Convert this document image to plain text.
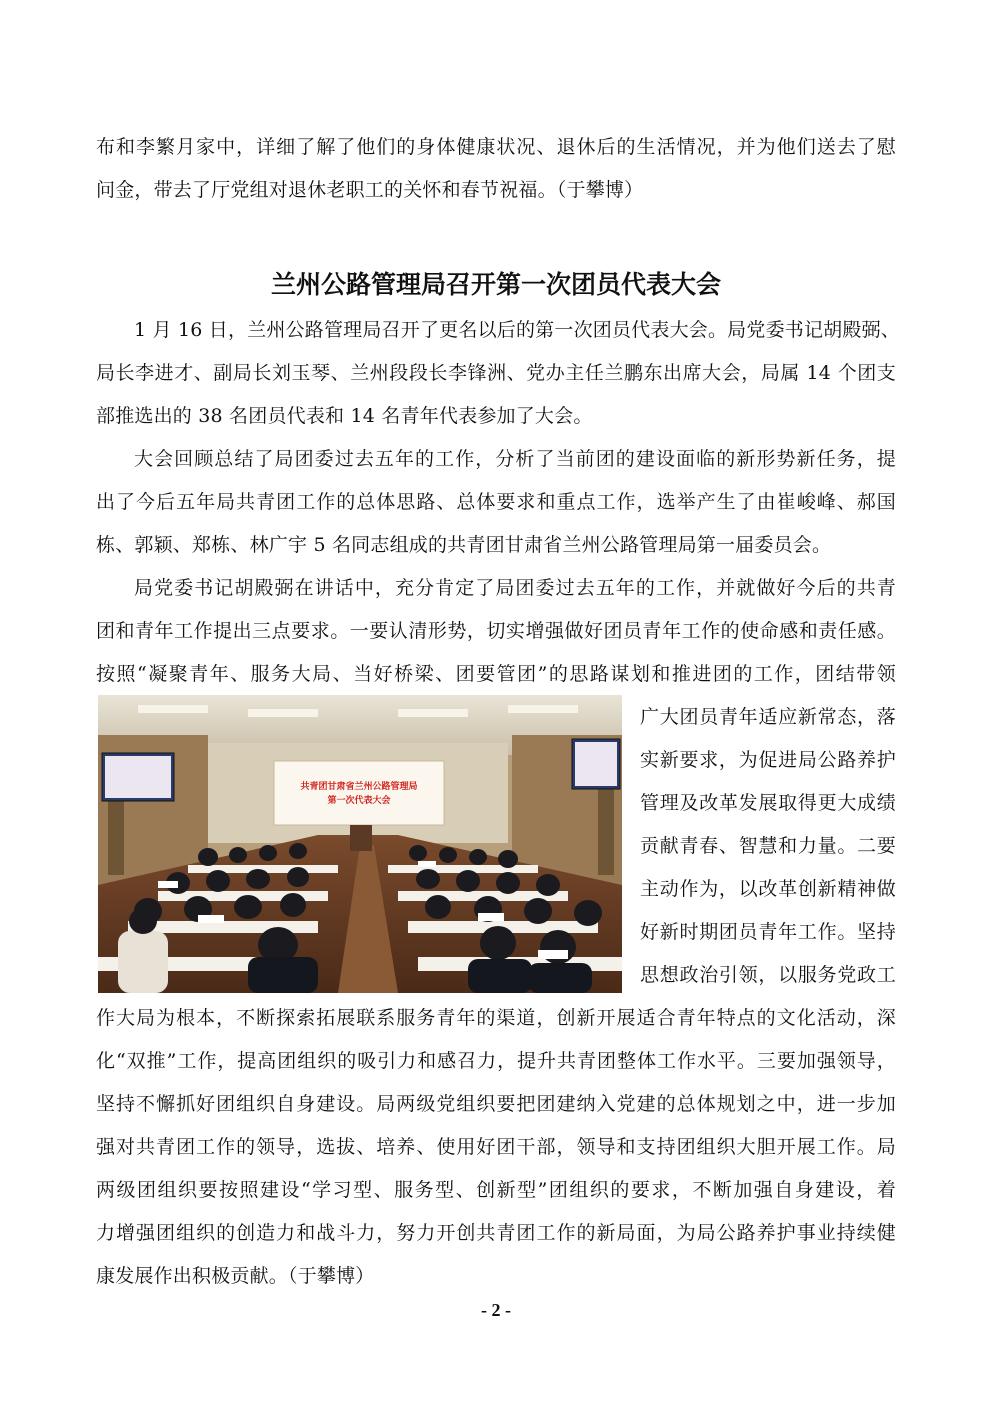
布和李繁月家中，详细了解了他们的身体健康状况、退休后的生活情况，并为他们送去了慰
问金，带去了厅党组对退休老职工的关怀和春节祝福。（于攀博）
兰州公路管理局召开第一次团员代表大会
1 月 16 日，兰州公路管理局召开了更名以后的第一次团员代表大会。局党委书记胡殿弼、
局长李进才、副局长刘玉琴、兰州段段长李锋洲、党办主任兰鹏东出席大会，局属 14 个团支
部推选出的 38 名团员代表和 14 名青年代表参加了大会。
大会回顾总结了局团委过去五年的工作，分析了当前团的建设面临的新形势新任务，提
出了今后五年局共青团工作的总体思路、总体要求和重点工作，选举产生了由崔峻峰、郝国
栋、郭颖、郑栋、林广宇 5 名同志组成的共青团甘肃省兰州公路管理局第一届委员会。
局党委书记胡殿弼在讲话中，充分肯定了局团委过去五年的工作，并就做好今后的共青
团和青年工作提出三点要求。一要认清形势，切实增强做好团员青年工作的使命感和责任感。
按照“凝聚青年、服务大局、当好桥梁、团要管团”的思路谋划和推进团的工作，团结带领
共青团甘肃省兰州公路管理局
第一次代表大会
广大团员青年适应新常态，落
实新要求，为促进局公路养护
管理及改革发展取得更大成绩
贡献青春、智慧和力量。二要
主动作为，以改革创新精神做
好新时期团员青年工作。坚持
思想政治引领，以服务党政工
作大局为根本，不断探索拓展联系服务青年的渠道，创新开展适合青年特点的文化活动，深
化“双推”工作，提高团组织的吸引力和感召力，提升共青团整体工作水平。三要加强领导，
坚持不懈抓好团组织自身建设。局两级党组织要把团建纳入党建的总体规划之中，进一步加
强对共青团工作的领导，选拔、培养、使用好团干部，领导和支持团组织大胆开展工作。局
两级团组织要按照建设“学习型、服务型、创新型”团组织的要求，不断加强自身建设，着
力增强团组织的创造力和战斗力，努力开创共青团工作的新局面，为局公路养护事业持续健
康发展作出积极贡献。（于攀博）
- 2 -
